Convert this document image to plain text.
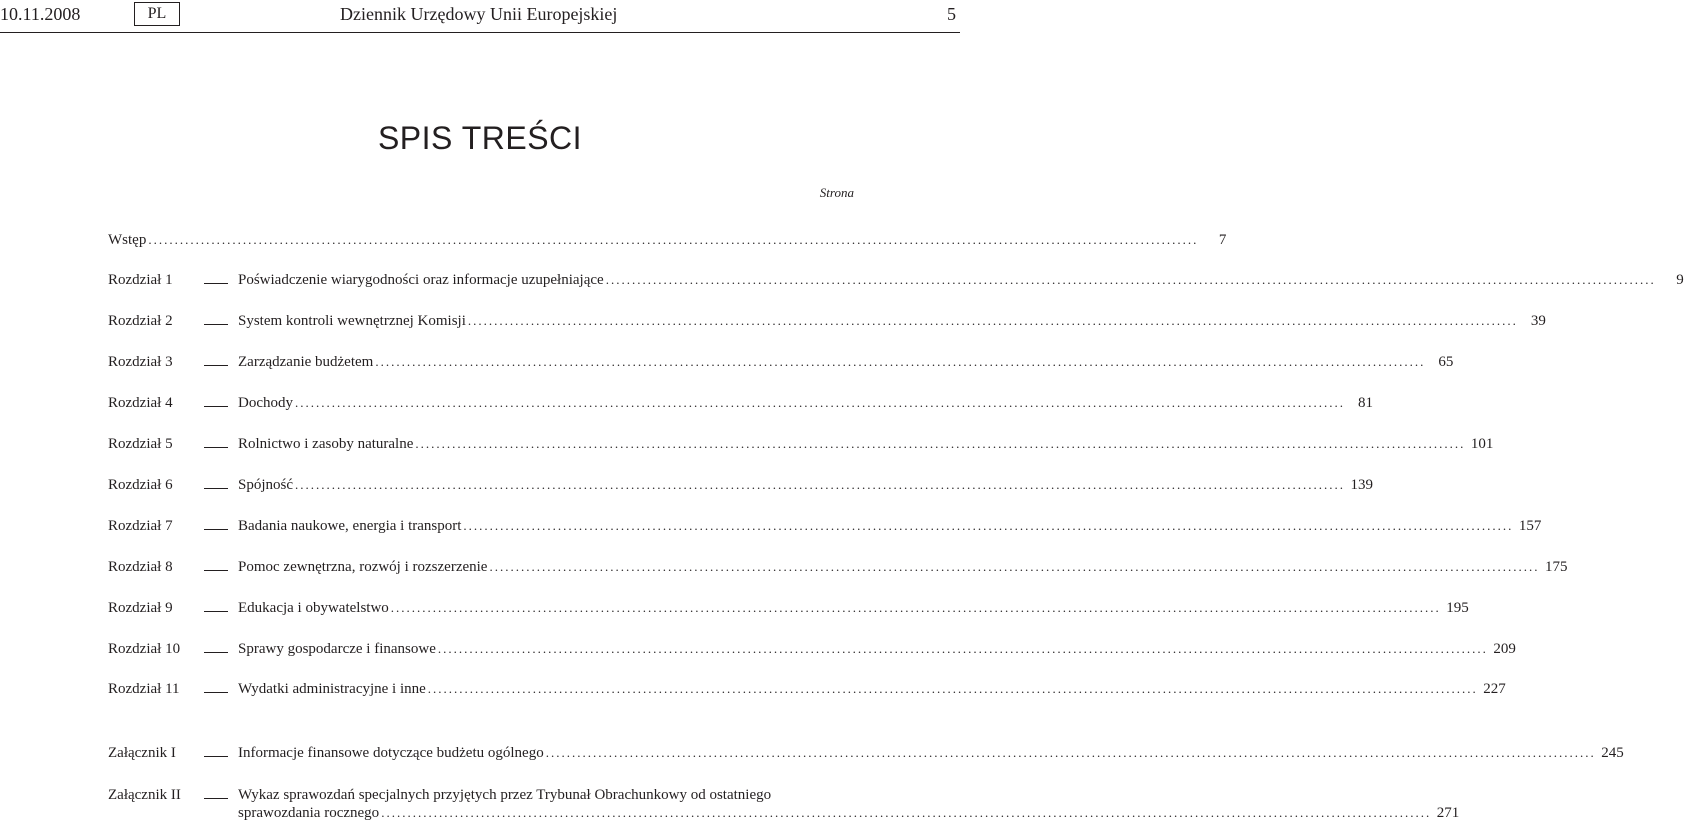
10.11.2008	PL	Dziennik Urzędowy Unii Europejskiej	5
SPIS TREŚCI
Strona
Wstęp ........................................................................................................................................................................................................	7
Rozdział 1	Poświadczenie wiarygodności oraz informacje uzupełniające ........................................................................................................................................................................................................	9
Rozdział 2	System kontroli wewnętrznej Komisji ........................................................................................................................................................................................................ 39
Rozdział 3	Zarządzanie budżetem ........................................................................................................................................................................................................ 65
Rozdział 4	Dochody ........................................................................................................................................................................................................ 81
Rozdział 5	Rolnictwo i zasoby naturalne ........................................................................................................................................................................................................ 101
Rozdział 6	Spójność ........................................................................................................................................................................................................ 139
Rozdział 7	Badania naukowe, energia i transport ........................................................................................................................................................................................................ 157
Rozdział 8	Pomoc zewnętrzna, rozwój i rozszerzenie ........................................................................................................................................................................................................ 175
Rozdział 9	Edukacja i obywatelstwo ........................................................................................................................................................................................................ 195
Rozdział 10	Sprawy gospodarcze i finansowe ........................................................................................................................................................................................................ 209
Rozdział 11	Wydatki administracyjne i inne ........................................................................................................................................................................................................ 227
Załącznik I	Informacje finansowe dotyczące budżetu ogólnego ........................................................................................................................................................................................................ 245
Załącznik II	Wykaz sprawozdań specjalnych przyjętych przez Trybunał Obrachunkowy od ostatniego
sprawozdania rocznego ........................................................................................................................................................................................................ 271
